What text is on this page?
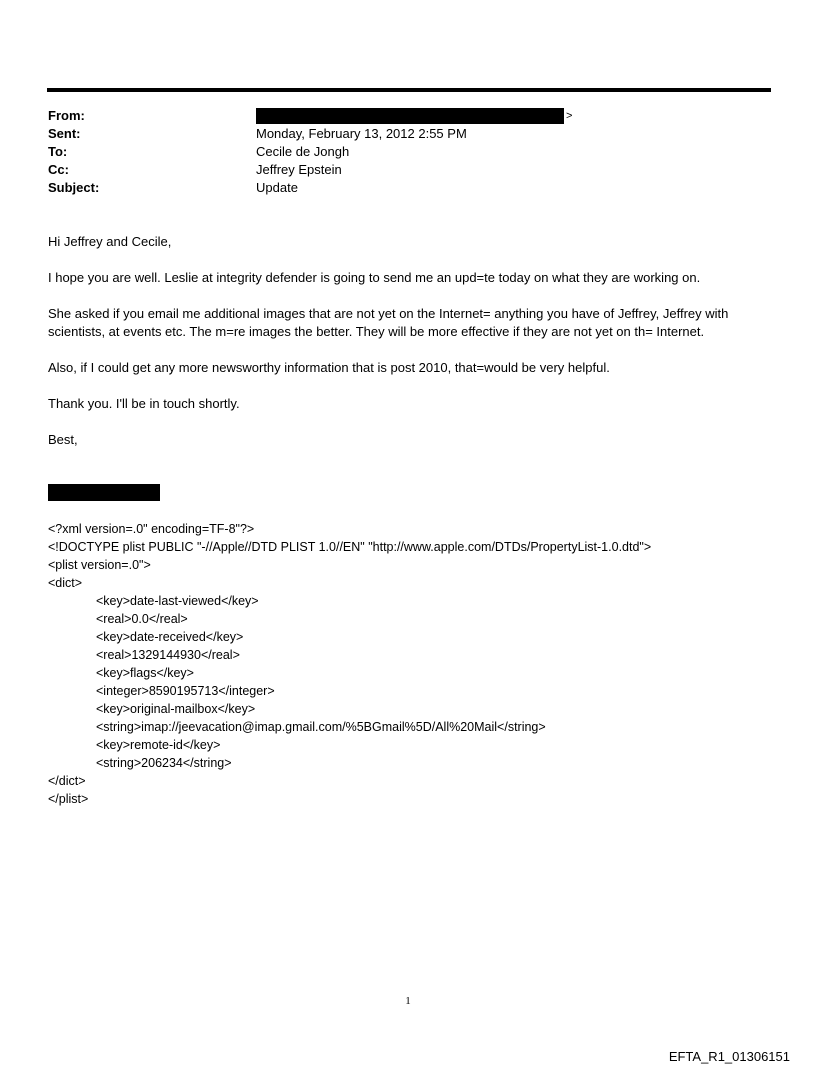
From:	>
Sent:	Monday, February 13, 2012 2:55 PM
To:	Cecile de Jongh
Cc:	Jeffrey Epstein
Subject:	Update
Hi Jeffrey and Cecile,
I hope you are well. Leslie at integrity defender is going to send me an upd=te today on what they are working on.
She asked if you email me additional images that are not yet on the Internet= anything you have of Jeffrey, Jeffrey with scientists, at events etc. The m=re images the better. They will be more effective if they are not yet on th= Internet.
Also, if I could get any more newsworthy information that is post 2010, that=would be very helpful.
Thank you. I'll be in touch shortly.
Best,
<?xml version=.0" encoding=TF-8"?>
<!DOCTYPE plist PUBLIC "-//Apple//DTD PLIST 1.0//EN" "http://www.apple.com/DTDs/PropertyList-1.0.dtd">
<plist version=.0">
<dict>
<key>date-last-viewed</key>
<real>0.0</real>
<key>date-received</key>
<real>1329144930</real>
<key>flags</key>
<integer>8590195713</integer>
<key>original-mailbox</key>
<string>imap://jeevacation@imap.gmail.com/%5BGmail%5D/All%20Mail</string>
<key>remote-id</key>
<string>206234</string>
</dict>
</plist>
1
EFTA_R1_01306151
